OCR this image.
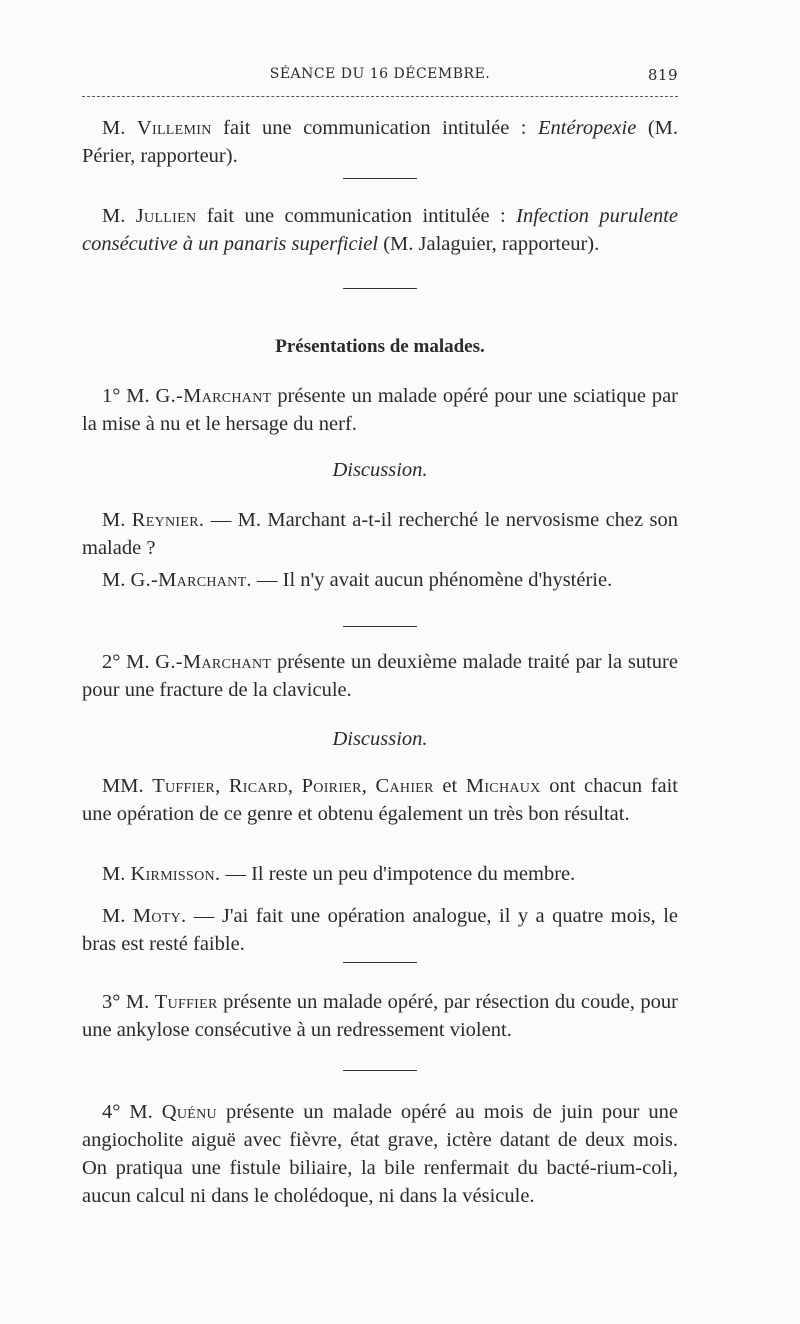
SÉANCE DU 16 DÉCEMBRE.	819
M. Villemin fait une communication intitulée : Entéropexie (M. Périer, rapporteur).
M. Jullien fait une communication intitulée : Infection purulente consécutive à un panaris superficiel (M. Jalaguier, rapporteur).
Présentations de malades.
1° M. G.-Marchant présente un malade opéré pour une sciatique par la mise à nu et le hersage du nerf.
Discussion.
M. Reynier. — M. Marchant a-t-il recherché le nervosisme chez son malade ?
M. G.-Marchant. — Il n'y avait aucun phénomène d'hystérie.
2° M. G.-Marchant présente un deuxième malade traité par la suture pour une fracture de la clavicule.
Discussion.
MM. Tuffier, Ricard, Poirier, Cahier et Michaux ont chacun fait une opération de ce genre et obtenu également un très bon résultat.
M. Kirmisson. — Il reste un peu d'impotence du membre.
M. Moty. — J'ai fait une opération analogue, il y a quatre mois, le bras est resté faible.
3° M. Tuffier présente un malade opéré, par résection du coude, pour une ankylose consécutive à un redressement violent.
4° M. Quénu présente un malade opéré au mois de juin pour une angiocholite aiguë avec fièvre, état grave, ictère datant de deux mois. On pratiqua une fistule biliaire, la bile renfermait du bacté-rium-coli, aucun calcul ni dans le cholédoque, ni dans la vésicule.
